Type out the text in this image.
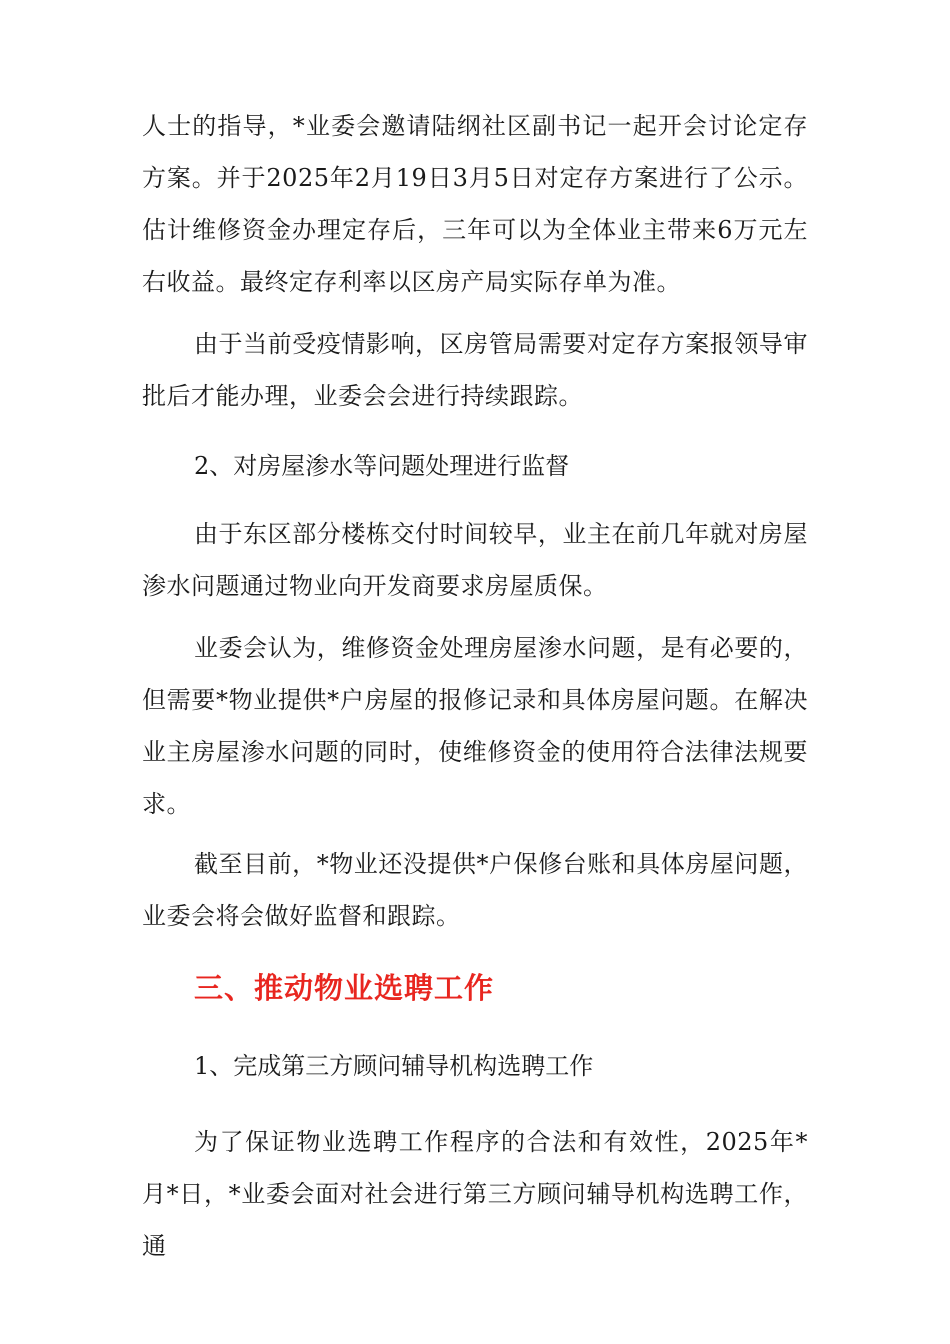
人士的指导，*业委会邀请陆纲社区副书记一起开会讨论定存方案。并于2025年2月19日3月5日对定存方案进行了公示。估计维修资金办理定存后，三年可以为全体业主带来6万元左右收益。最终定存利率以区房产局实际存单为准。

由于当前受疫情影响，区房管局需要对定存方案报领导审批后才能办理，业委会会进行持续跟踪。

2、对房屋渗水等问题处理进行监督

由于东区部分楼栋交付时间较早，业主在前几年就对房屋渗水问题通过物业向开发商要求房屋质保。

业委会认为，维修资金处理房屋渗水问题，是有必要的，但需要*物业提供*户房屋的报修记录和具体房屋问题。在解决业主房屋渗水问题的同时，使维修资金的使用符合法律法规要求。

截至目前，*物业还没提供*户保修台账和具体房屋问题，业委会将会做好监督和跟踪。

三、推动物业选聘工作

1、完成第三方顾问辅导机构选聘工作

为了保证物业选聘工作程序的合法和有效性，2025年*月*日，*业委会面对社会进行第三方顾问辅导机构选聘工作，通
